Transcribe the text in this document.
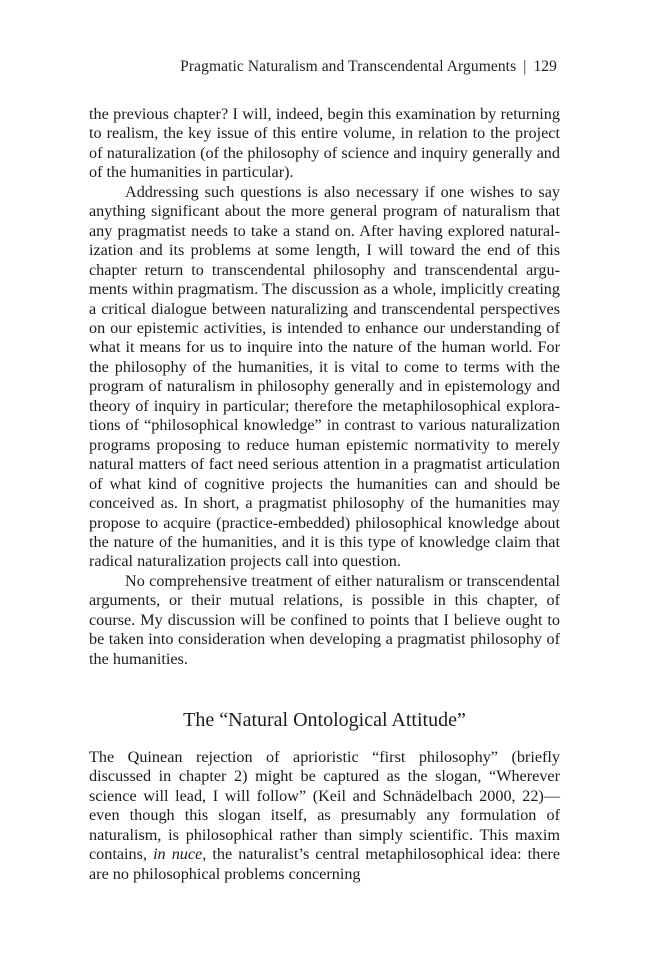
Pragmatic Naturalism and Transcendental Arguments | 129

the previous chapter? I will, indeed, begin this examination by returning to realism, the key issue of this entire volume, in relation to the project of naturalization (of the philosophy of science and inquiry generally and of the humanities in particular).

Addressing such questions is also necessary if one wishes to say anything significant about the more general program of naturalism that any pragmatist needs to take a stand on. After having explored naturalization and its problems at some length, I will toward the end of this chapter return to transcendental philosophy and transcendental arguments within pragmatism. The discussion as a whole, implicitly creating a critical dialogue between naturalizing and transcendental perspectives on our epistemic activities, is intended to enhance our understanding of what it means for us to inquire into the nature of the human world. For the philosophy of the humanities, it is vital to come to terms with the program of naturalism in philosophy generally and in epistemology and theory of inquiry in particular; therefore the metaphilosophical explorations of “philosophical knowledge” in contrast to various naturalization programs proposing to reduce human epistemic normativity to merely natural matters of fact need serious attention in a pragmatist articulation of what kind of cognitive projects the humanities can and should be conceived as. In short, a pragmatist philosophy of the humanities may propose to acquire (practice-embedded) philosophical knowledge about the nature of the humanities, and it is this type of knowledge claim that radical naturalization projects call into question.

No comprehensive treatment of either naturalism or transcendental arguments, or their mutual relations, is possible in this chapter, of course. My discussion will be confined to points that I believe ought to be taken into consideration when developing a pragmatist philosophy of the humanities.

The “Natural Ontological Attitude”

The Quinean rejection of aprioristic “first philosophy” (briefly discussed in chapter 2) might be captured as the slogan, “Wherever science will lead, I will follow” (Keil and Schnädelbach 2000, 22)—even though this slogan itself, as presumably any formulation of naturalism, is philosophical rather than simply scientific. This maxim contains, in nuce, the naturalist’s central metaphilosophical idea: there are no philosophical problems concerning
